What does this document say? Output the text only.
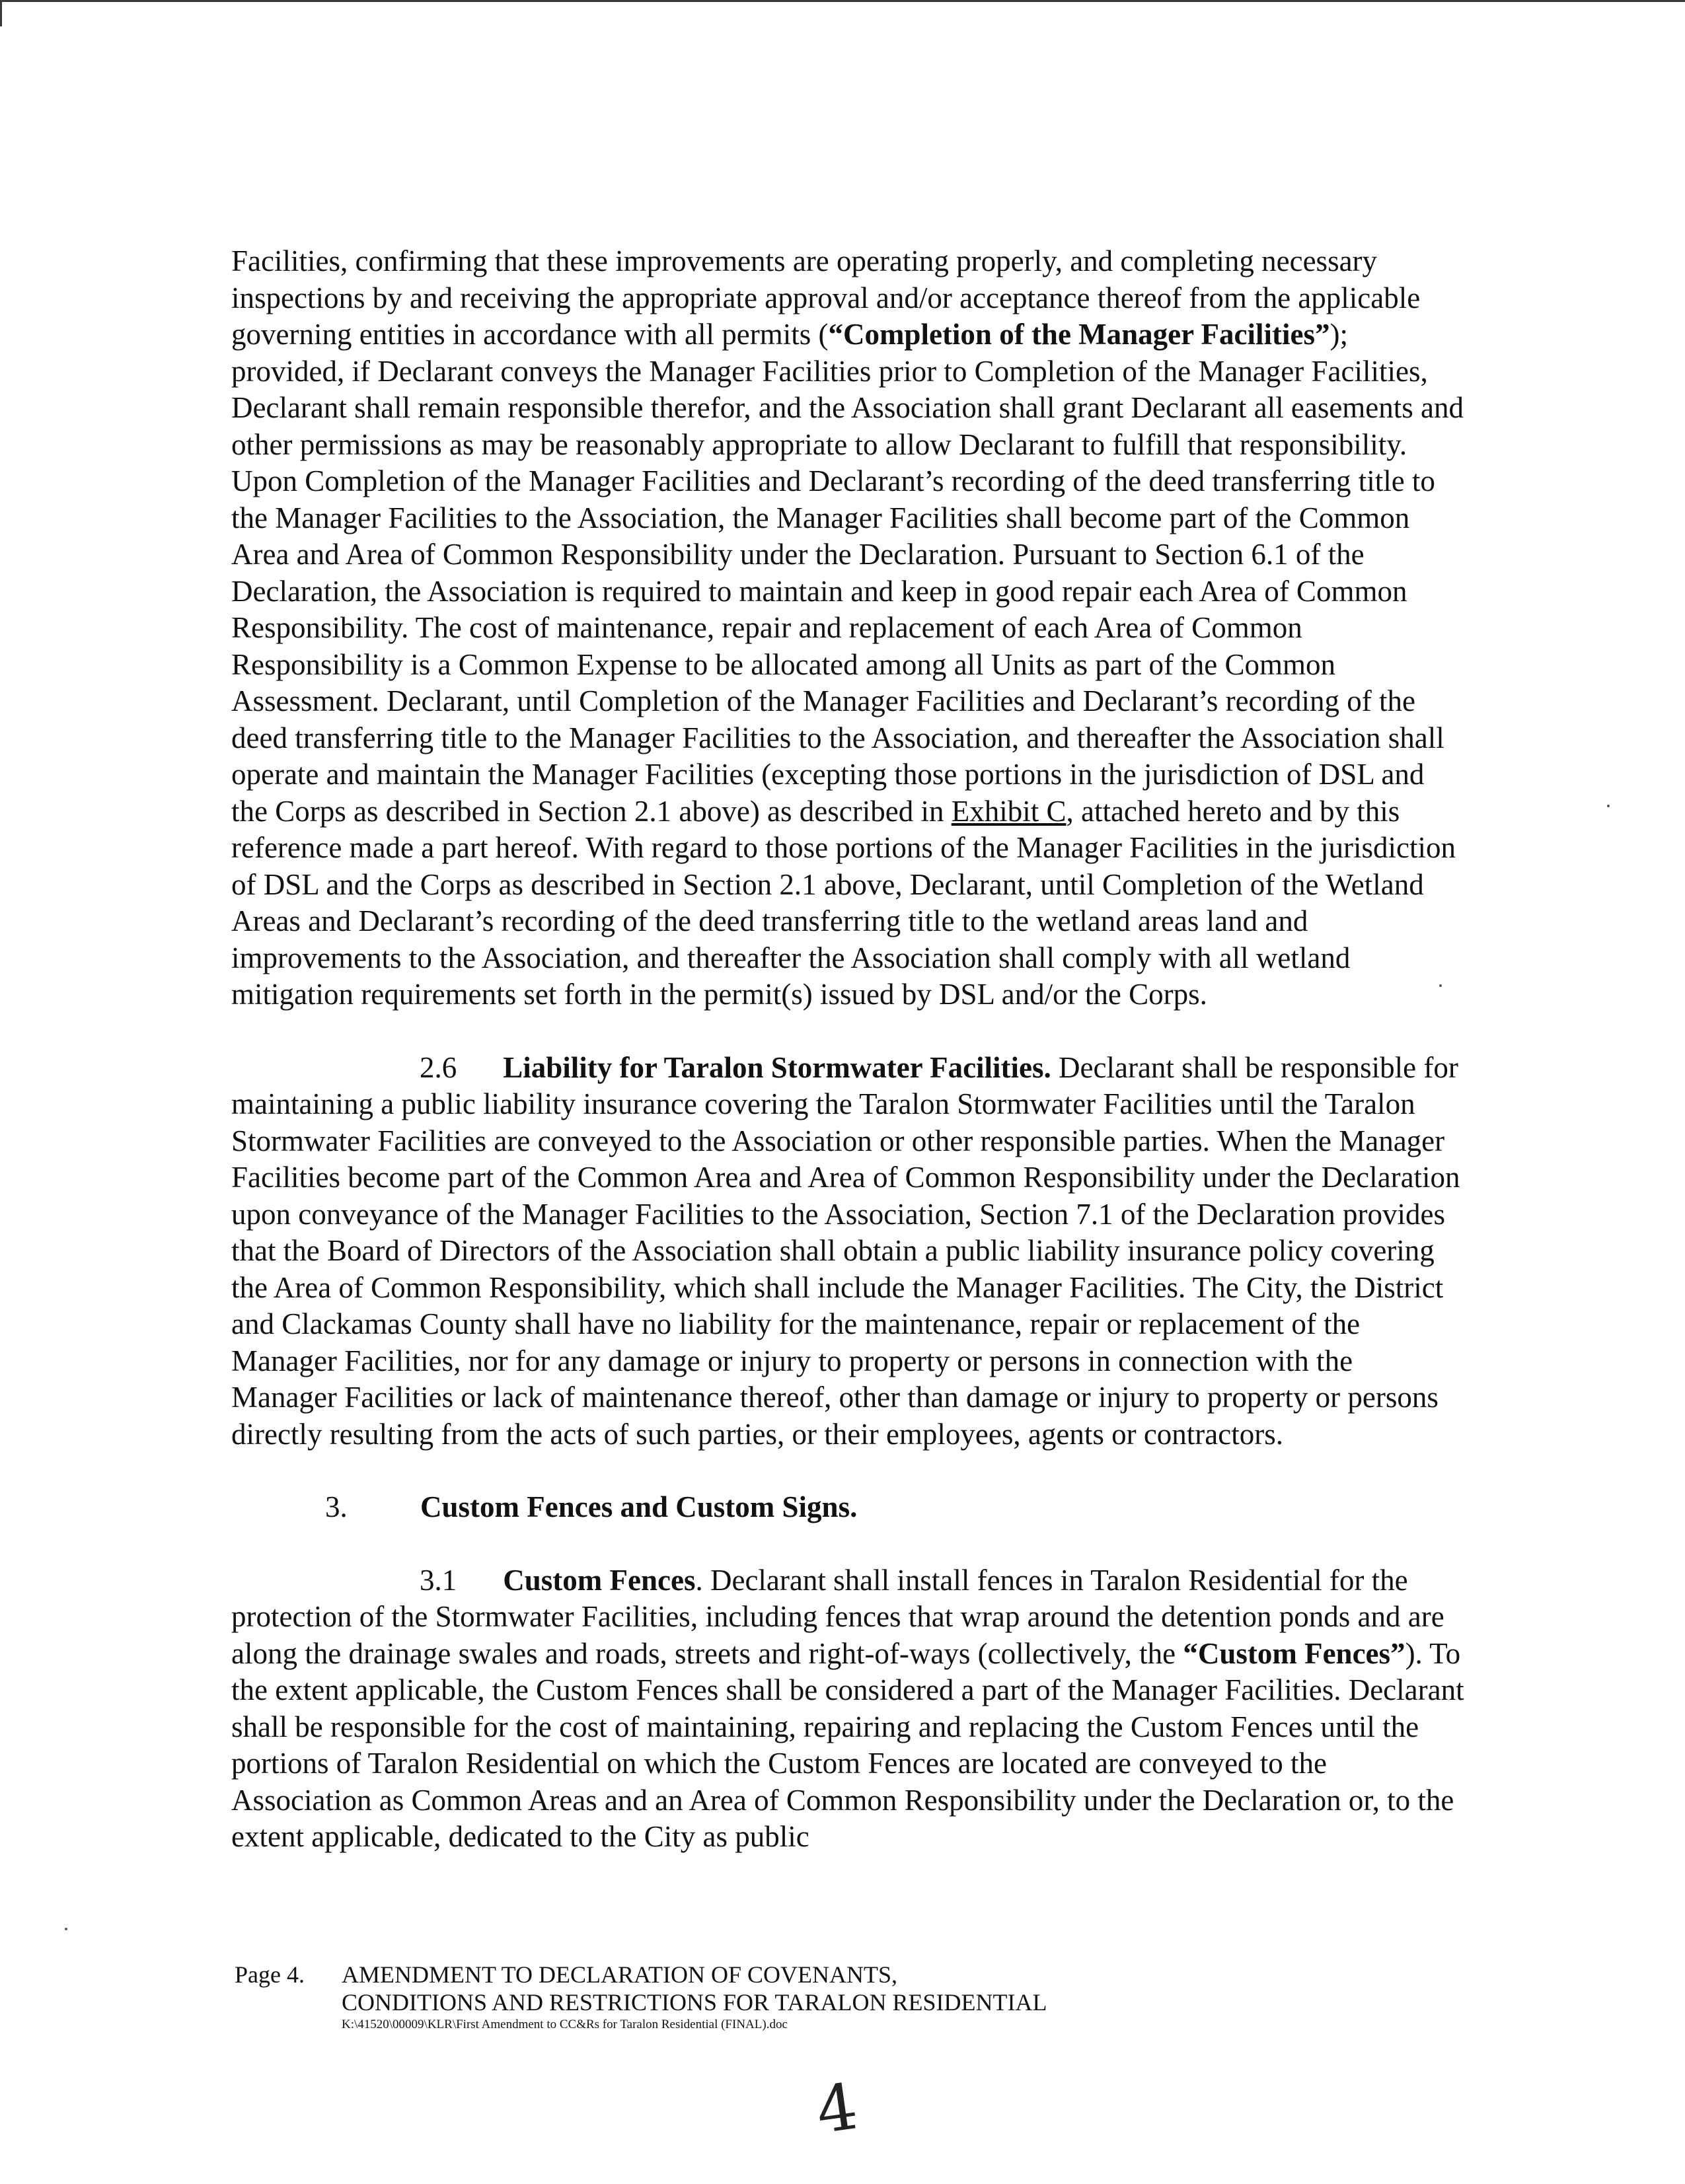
Facilities, confirming that these improvements are operating properly, and completing necessary inspections by and receiving the appropriate approval and/or acceptance thereof from the applicable governing entities in accordance with all permits (“Completion of the Manager Facilities”); provided, if Declarant conveys the Manager Facilities prior to Completion of the Manager Facilities, Declarant shall remain responsible therefor, and the Association shall grant Declarant all easements and other permissions as may be reasonably appropriate to allow Declarant to fulfill that responsibility. Upon Completion of the Manager Facilities and Declarant’s recording of the deed transferring title to the Manager Facilities to the Association, the Manager Facilities shall become part of the Common Area and Area of Common Responsibility under the Declaration. Pursuant to Section 6.1 of the Declaration, the Association is required to maintain and keep in good repair each Area of Common Responsibility. The cost of maintenance, repair and replacement of each Area of Common Responsibility is a Common Expense to be allocated among all Units as part of the Common Assessment. Declarant, until Completion of the Manager Facilities and Declarant’s recording of the deed transferring title to the Manager Facilities to the Association, and thereafter the Association shall operate and maintain the Manager Facilities (excepting those portions in the jurisdiction of DSL and the Corps as described in Section 2.1 above) as described in Exhibit C, attached hereto and by this reference made a part hereof. With regard to those portions of the Manager Facilities in the jurisdiction of DSL and the Corps as described in Section 2.1 above, Declarant, until Completion of the Wetland Areas and Declarant’s recording of the deed transferring title to the wetland areas land and improvements to the Association, and thereafter the Association shall comply with all wetland mitigation requirements set forth in the permit(s) issued by DSL and/or the Corps.

2.6 Liability for Taralon Stormwater Facilities. Declarant shall be responsible for maintaining a public liability insurance covering the Taralon Stormwater Facilities until the Taralon Stormwater Facilities are conveyed to the Association or other responsible parties. When the Manager Facilities become part of the Common Area and Area of Common Responsibility under the Declaration upon conveyance of the Manager Facilities to the Association, Section 7.1 of the Declaration provides that the Board of Directors of the Association shall obtain a public liability insurance policy covering the Area of Common Responsibility, which shall include the Manager Facilities. The City, the District and Clackamas County shall have no liability for the maintenance, repair or replacement of the Manager Facilities, nor for any damage or injury to property or persons in connection with the Manager Facilities or lack of maintenance thereof, other than damage or injury to property or persons directly resulting from the acts of such parties, or their employees, agents or contractors.

3. Custom Fences and Custom Signs.

3.1 Custom Fences. Declarant shall install fences in Taralon Residential for the protection of the Stormwater Facilities, including fences that wrap around the detention ponds and are along the drainage swales and roads, streets and right-of-ways (collectively, the “Custom Fences”). To the extent applicable, the Custom Fences shall be considered a part of the Manager Facilities. Declarant shall be responsible for the cost of maintaining, repairing and replacing the Custom Fences until the portions of Taralon Residential on which the Custom Fences are located are conveyed to the Association as Common Areas and an Area of Common Responsibility under the Declaration or, to the extent applicable, dedicated to the City as public

Page 4. AMENDMENT TO DECLARATION OF COVENANTS,
CONDITIONS AND RESTRICTIONS FOR TARALON RESIDENTIAL
K:\41520\00009\KLR\First Amendment to CC&Rs for Taralon Residential (FINAL).doc
4
